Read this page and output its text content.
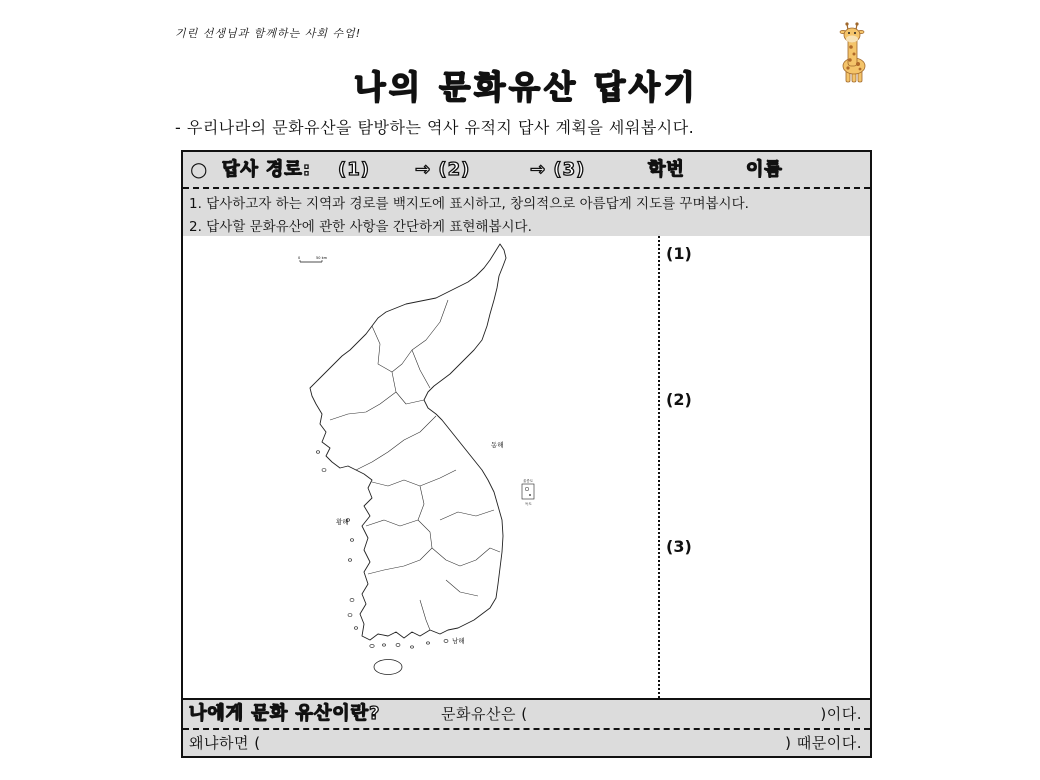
기린 선생님과 함께하는 사회 수업!
나의 문화유산 답사기
- 우리나라의 문화유산을 탐방하는 역사 유적지 답사 계획을 세워봅시다.
○ 답사 경로: (1)	→ (2)	→ (3)	학번	이름
1. 답사하고자 하는 지역과 경로를 백지도에 표시하고, 창의적으로 아름답게 지도를 꾸며봅시다.
2. 답사할 문화유산에 관한 사항을 간단하게 표현해봅시다.
0	50 km
울릉도
독도
동해
황해
남해
(1)
(2)
(3)
나에게 문화 유산이란?	문화유산은 (	)이다.
왜냐하면 (	) 때문이다.
